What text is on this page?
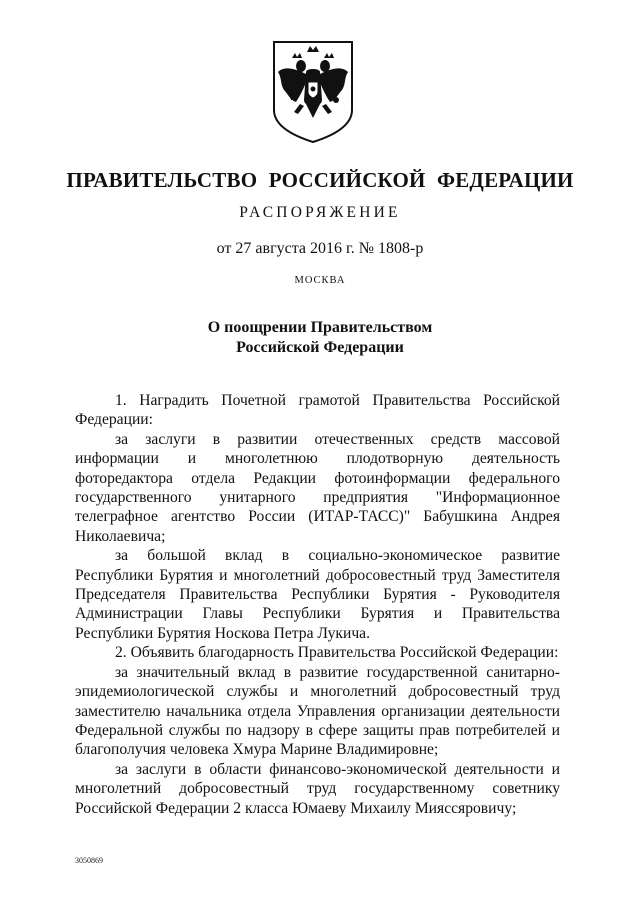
ПРАВИТЕЛЬСТВО РОССИЙСКОЙ ФЕДЕРАЦИИ
РАСПОРЯЖЕНИЕ
от 27 августа 2016 г. № 1808-р
МОСКВА
О поощрении Правительством
Российской Федерации

1. Наградить Почетной грамотой Правительства Российской Федерации:

за заслуги в развитии отечественных средств массовой информации и многолетнюю плодотворную деятельность фоторедактора отдела Редакции фотоинформации федерального государственного унитарного предприятия "Информационное телеграфное агентство России (ИТАР-ТАСС)" Бабушкина Андрея Николаевича;

за большой вклад в социально-экономическое развитие Республики Бурятия и многолетний добросовестный труд Заместителя Председателя Правительства Республики Бурятия - Руководителя Администрации Главы Республики Бурятия и Правительства Республики Бурятия Носкова Петра Лукича.

2. Объявить благодарность Правительства Российской Федерации:

за значительный вклад в развитие государственной санитарно-эпидемиологической службы и многолетний добросовестный труд заместителю начальника отдела Управления организации деятельности Федеральной службы по надзору в сфере защиты прав потребителей и благополучия человека Хмура Марине Владимировне;

за заслуги в области финансово-экономической деятельности и многолетний добросовестный труд государственному советнику Российской Федерации 2 класса Юмаеву Михаилу Мияссяровичу;

3050869
